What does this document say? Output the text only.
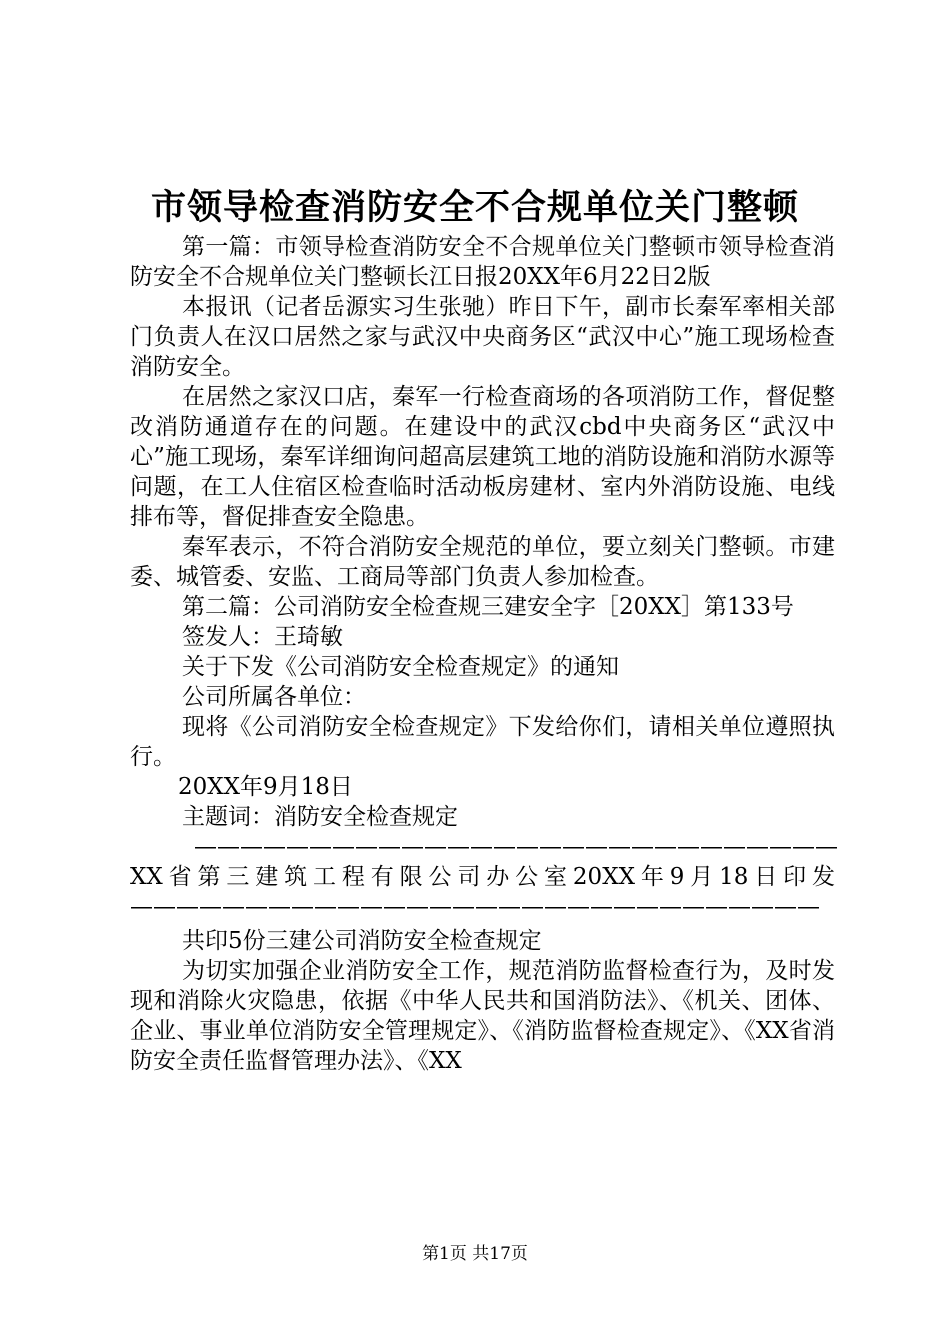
市领导检查消防安全不合规单位关门整顿

第一篇：市领导检查消防安全不合规单位关门整顿市领导检查消防安全不合规单位关门整顿长江日报20XX年6月22日2版

本报讯（记者岳源实习生张驰）昨日下午，副市长秦军率相关部门负责人在汉口居然之家与武汉中央商务区“武汉中心”施工现场检查消防安全。

在居然之家汉口店，秦军一行检查商场的各项消防工作，督促整改消防通道存在的问题。在建设中的武汉cbd中央商务区“武汉中心”施工现场，秦军详细询问超高层建筑工地的消防设施和消防水源等问题，在工人住宿区检查临时活动板房建材、室内外消防设施、电线排布等，督促排查安全隐患。

秦军表示，不符合消防安全规范的单位，要立刻关门整顿。市建委、城管委、安监、工商局等部门负责人参加检查。

第二篇：公司消防安全检查规三建安全字［20XX］第133号

签发人：王琦敏

关于下发《公司消防安全检查规定》的通知

公司所属各单位：

现将《公司消防安全检查规定》下发给你们，请相关单位遵照执行。

20XX年9月18日

主题词：消防安全检查规定

————————————————————————————XX省第三建筑工程有限公司办公室20XX年9月18日印发——————————————————————————————

共印5份三建公司消防安全检查规定

为切实加强企业消防安全工作，规范消防监督检查行为，及时发现和消除火灾隐患，依据《中华人民共和国消防法》、《机关、团体、企业、事业单位消防安全管理规定》、《消防监督检查规定》、《XX省消防安全责任监督管理办法》、《XX

第1页 共17页
